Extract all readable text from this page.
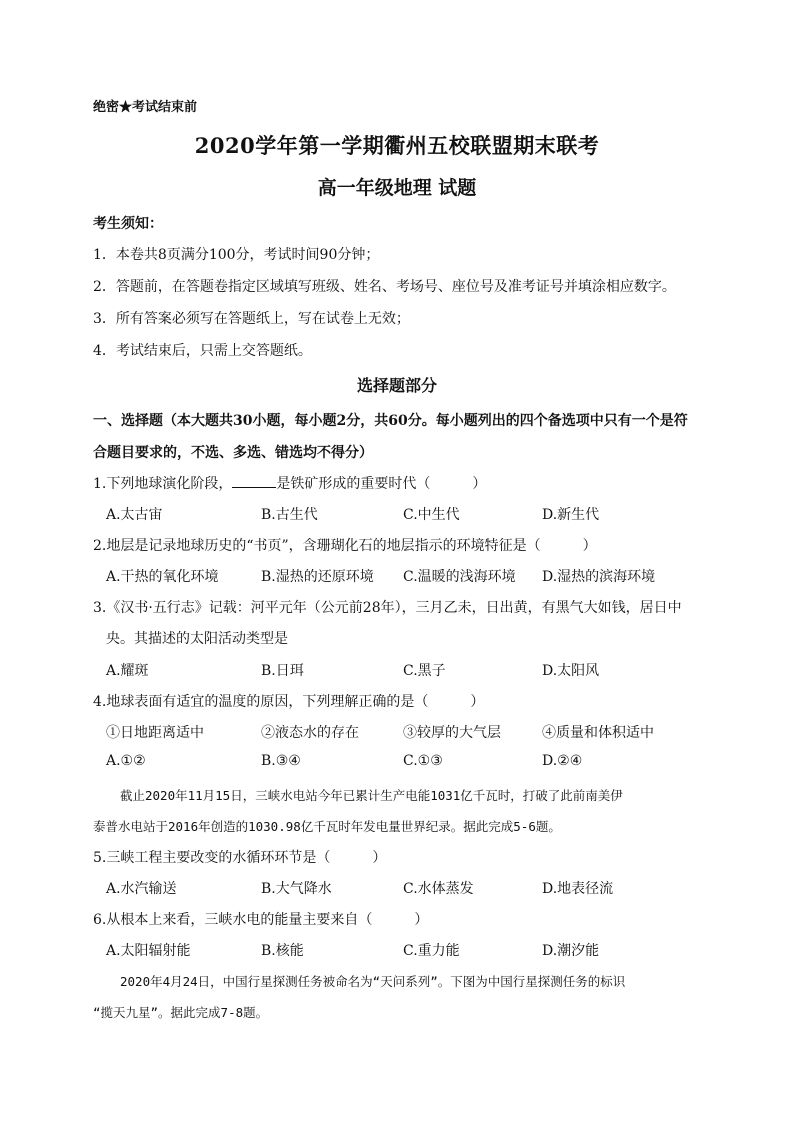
绝密★考试结束前
2020学年第一学期衢州五校联盟期末联考
高一年级地理 试题
考生须知：
1．本卷共8页满分100分，考试时间90分钟；
2．答题前，在答题卷指定区域填写班级、姓名、考场号、座位号及准考证号并填涂相应数字。
3．所有答案必须写在答题纸上，写在试卷上无效；
4．考试结束后，只需上交答题纸。
选择题部分
一、选择题（本大题共30小题，每小题2分，共60分。每小题列出的四个备选项中只有一个是符
合题目要求的，不选、多选、错选均不得分）
1.下列地球演化阶段，	是铁矿形成的重要时代（　　　）
A.太古宙	B.古生代	C.中生代	D.新生代
2.地层是记录地球历史的“书页”，含珊瑚化石的地层指示的环境特征是（　　　）
A.干热的氧化环境	B.湿热的还原环境 C.温暖的浅海环境 D.湿热的滨海环境
3.《汉书·五行志》记载：河平元年（公元前28年），三月乙未，日出黄，有黑气大如钱，居日中
央。其描述的太阳活动类型是
A.耀斑	B.日珥	C.黑子	D.太阳风
4.地球表面有适宜的温度的原因，下列理解正确的是（　　　）
①日地距离适中	②液态水的存在	③较厚的大气层	④质量和体积适中
A.①②	B.③④	C.①③	D.②④
截止2020年11月15日，三峡水电站今年已累计生产电能1031亿千瓦时，打破了此前南美伊
泰普水电站于2016年创造的1030.98亿千瓦时年发电量世界纪录。据此完成5-6题。
5.三峡工程主要改变的水循环环节是（　　　）
A.水汽输送	B.大气降水	C.水体蒸发	D.地表径流
6.从根本上来看，三峡水电的能量主要来自（　　　）
A.太阳辐射能	B.核能	C.重力能	D.潮汐能
2020年4月24日，中国行星探测任务被命名为“天问系列”。下图为中国行星探测任务的标识
“揽天九星”。据此完成7-8题。
